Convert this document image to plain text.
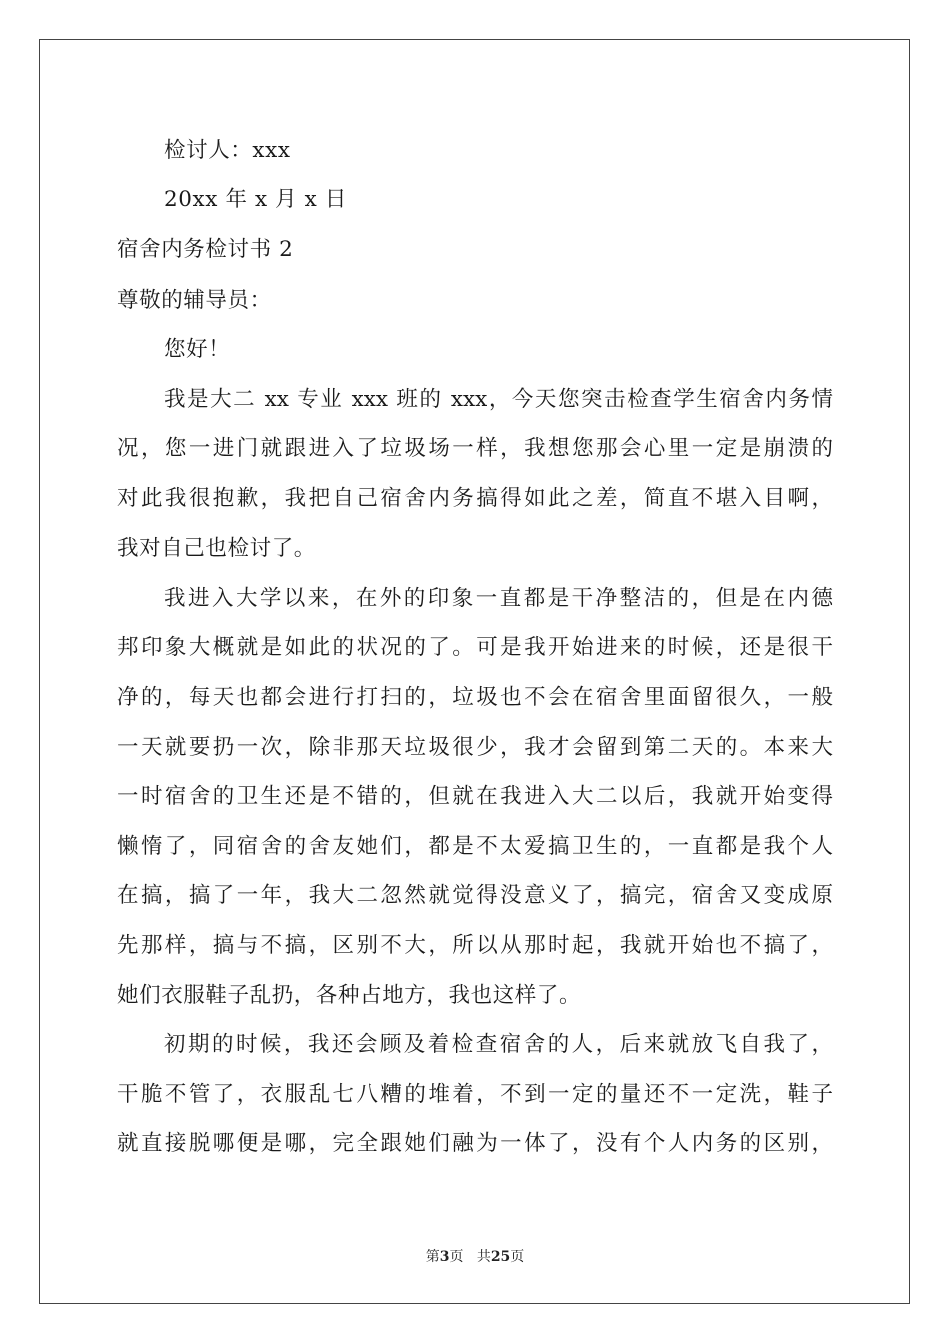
检讨人：xxx
20xx 年 x 月 x 日
宿舍内务检讨书 2
尊敬的辅导员：
您好！
我是大二 xx 专业 xxx 班的 xxx，今天您突击检查学生宿舍内务情
况，您一进门就跟进入了垃圾场一样，我想您那会心里一定是崩溃的
对此我很抱歉，我把自己宿舍内务搞得如此之差，简直不堪入目啊，
我对自己也检讨了。
我进入大学以来，在外的印象一直都是干净整洁的，但是在内德
邦印象大概就是如此的状况的了。可是我开始进来的时候，还是很干
净的，每天也都会进行打扫的，垃圾也不会在宿舍里面留很久，一般
一天就要扔一次，除非那天垃圾很少，我才会留到第二天的。本来大
一时宿舍的卫生还是不错的，但就在我进入大二以后，我就开始变得
懒惰了，同宿舍的舍友她们，都是不太爱搞卫生的，一直都是我个人
在搞，搞了一年，我大二忽然就觉得没意义了，搞完，宿舍又变成原
先那样，搞与不搞，区别不大，所以从那时起，我就开始也不搞了，
她们衣服鞋子乱扔，各种占地方，我也这样了。
初期的时候，我还会顾及着检查宿舍的人，后来就放飞自我了，
干脆不管了，衣服乱七八糟的堆着，不到一定的量还不一定洗，鞋子
就直接脱哪便是哪，完全跟她们融为一体了，没有个人内务的区别，
第3页 共25页
